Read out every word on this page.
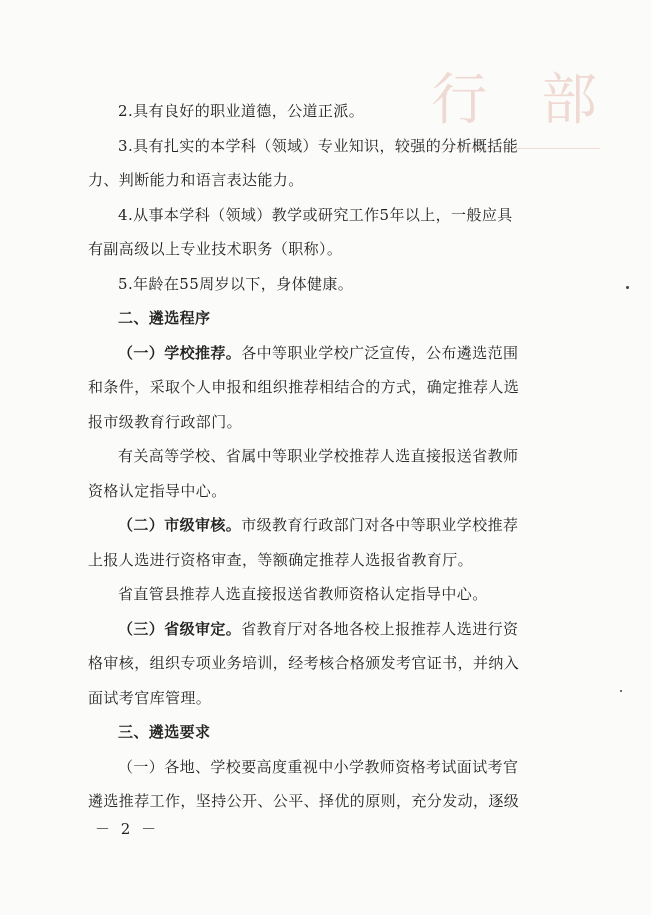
行 部
2.具有良好的职业道德，公道正派。
3.具有扎实的本学科（领域）专业知识，较强的分析概括能
力、判断能力和语言表达能力。
4.从事本学科（领域）教学或研究工作5年以上，一般应具
有副高级以上专业技术职务（职称）。
5.年龄在55周岁以下，身体健康。
二、遴选程序
（一）学校推荐。各中等职业学校广泛宣传，公布遴选范围
和条件，采取个人申报和组织推荐相结合的方式，确定推荐人选
报市级教育行政部门。
有关高等学校、省属中等职业学校推荐人选直接报送省教师
资格认定指导中心。
（二）市级审核。市级教育行政部门对各中等职业学校推荐
上报人选进行资格审查，等额确定推荐人选报省教育厅。
省直管县推荐人选直接报送省教师资格认定指导中心。
（三）省级审定。省教育厅对各地各校上报推荐人选进行资
格审核，组织专项业务培训，经考核合格颁发考官证书，并纳入
面试考官库管理。
三、遴选要求
（一）各地、学校要高度重视中小学教师资格考试面试考官
遴选推荐工作，坚持公开、公平、择优的原则，充分发动，逐级
－ 2 －
